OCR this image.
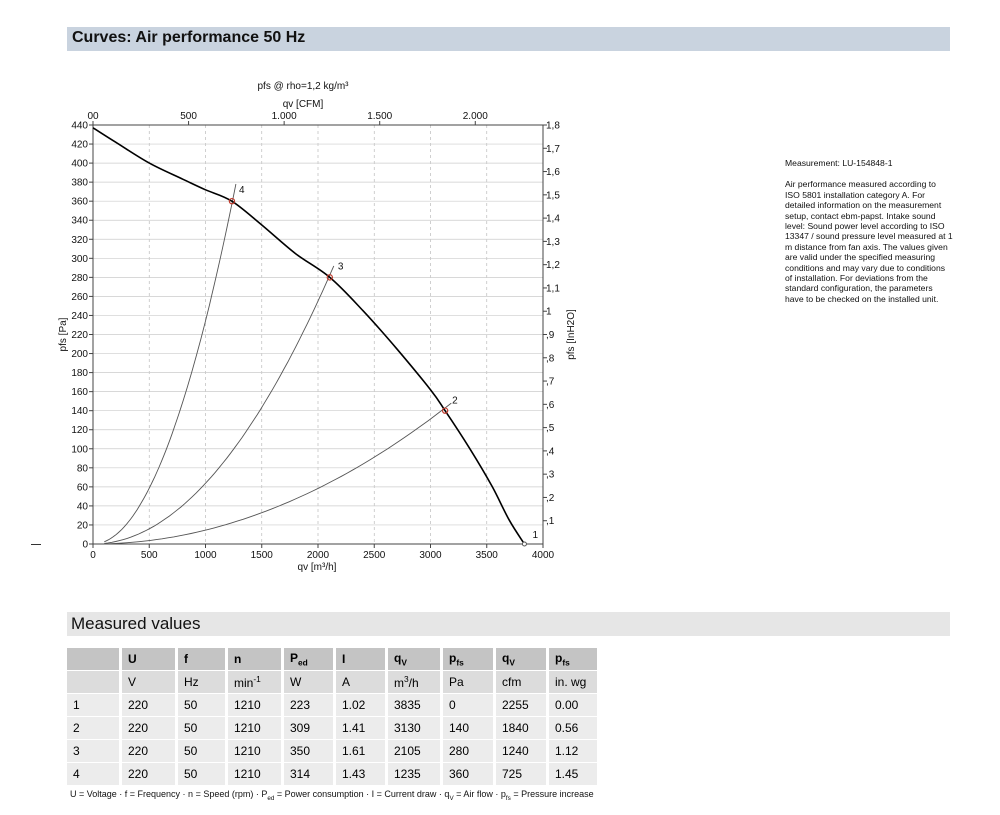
Curves: Air performance 50 Hz
0	500	1000	1500	2000	2500	3000	3500	4000
00	500	1.000	1.500	2.000
0
20
40
60
80
100
120
140
160
180
200
220
240
260
280
300
320
340
360
380
400
420
440
,1
,2
,3
,4
,5
,6
,7
,8
,9
1
1,1
1,2
1,3
1,4
1,5
1,6
1,7
1,8
pfs @ rho=1,2 kg/m³
qv [CFM]
qv [m³/h]
pfs [Pa]	pfs [InH2O]
1
2
3
4
Measurement: LU-154848-1
Air performance measured according to ISO 5801 installation category A. For detailed information on the measurement setup, contact ebm-papst. Intake sound level: Sound power level according to ISO 13347 / sound pressure level measured at 1 m distance from fan axis. The values given are valid under the specified measuring conditions and may vary due to conditions of installation. For deviations from the standard configuration, the parameters have to be checked on the installed unit.
Measured values
	U	f	n	$P_{ed}$	I	$q_V$	$p_{fs}$	$q_V$	$p_{fs}$
	V	Hz	$\min^{-1}$	W	A	$m^3/h$	Pa	cfm	in. wg
1	220	50	1210	223	1.02	3835	0	2255	0.00
2	220	50	1210	309	1.41	3130	140	1840	0.56
3	220	50	1210	350	1.61	2105	280	1240	1.12
4	220	50	1210	314	1.43	1235	360	725	1.45
U = Voltage · f = Frequency · n = Speed $(rpm) \cdot P_{ed}$ = Power consumption · I = Current draw · $q_V$ = Air flow · $p_{fs}$ = Pressure increase
